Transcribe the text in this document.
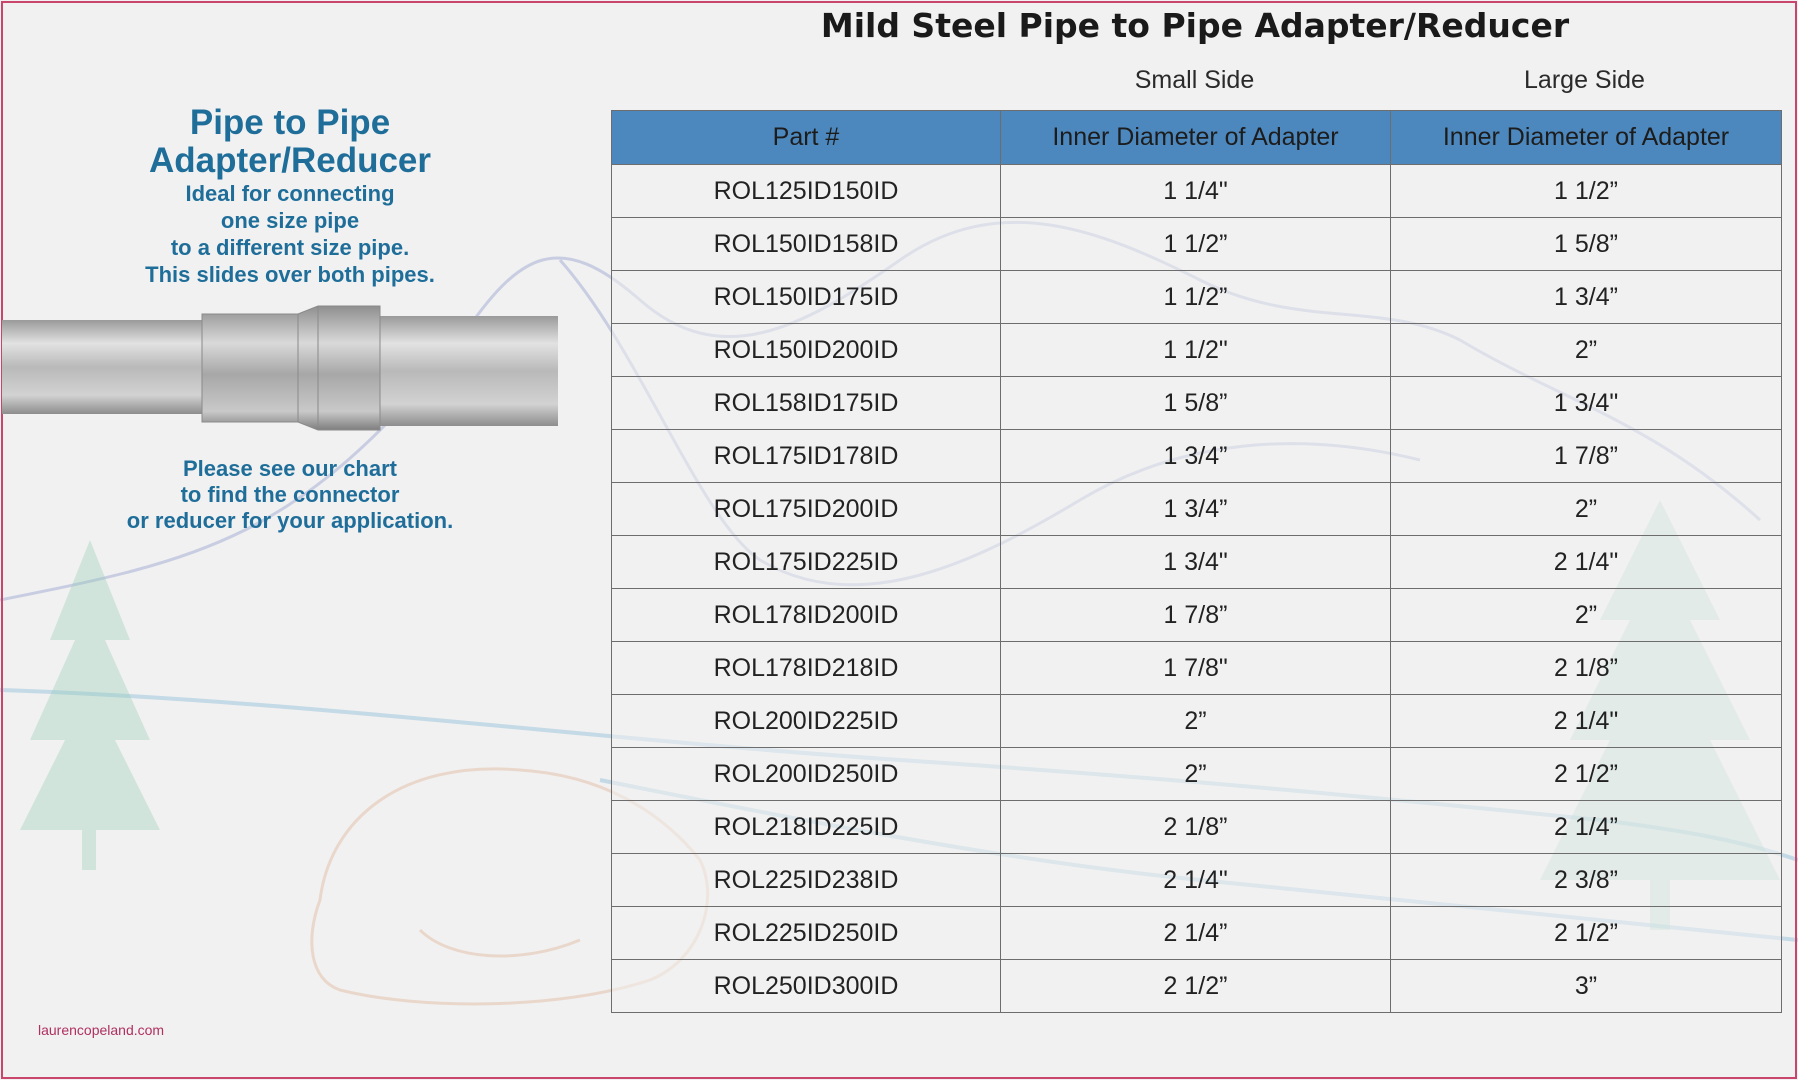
Mild Steel Pipe to Pipe Adapter/Reducer
Small Side	Large Side
Pipe to Pipe
Adapter/Reducer
Ideal for connecting
one size pipe
to a different size pipe.
This slides over both pipes.
Please see our chart
to find the connector
or reducer for your application.
laurencopeland.com
Part #	Inner Diameter of Adapter	Inner Diameter of Adapter
ROL125ID150ID	1 1/4"	1 1/2”
ROL150ID158ID	1 1/2”	1 5/8”
ROL150ID175ID	1 1/2”	1 3/4”
ROL150ID200ID	1 1/2"	2”
ROL158ID175ID	1 5/8”	1 3/4"
ROL175ID178ID	1 3/4”	1 7/8”
ROL175ID200ID	1 3/4”	2”
ROL175ID225ID	1 3/4"	2 1/4"
ROL178ID200ID	1 7/8”	2”
ROL178ID218ID	1 7/8"	2 1/8”
ROL200ID225ID	2”	2 1/4"
ROL200ID250ID	2”	2 1/2”
ROL218ID225ID	2 1/8”	2 1/4”
ROL225ID238ID	2 1/4"	2 3/8”
ROL225ID250ID	2 1/4”	2 1/2”
ROL250ID300ID	2 1/2”	3”
